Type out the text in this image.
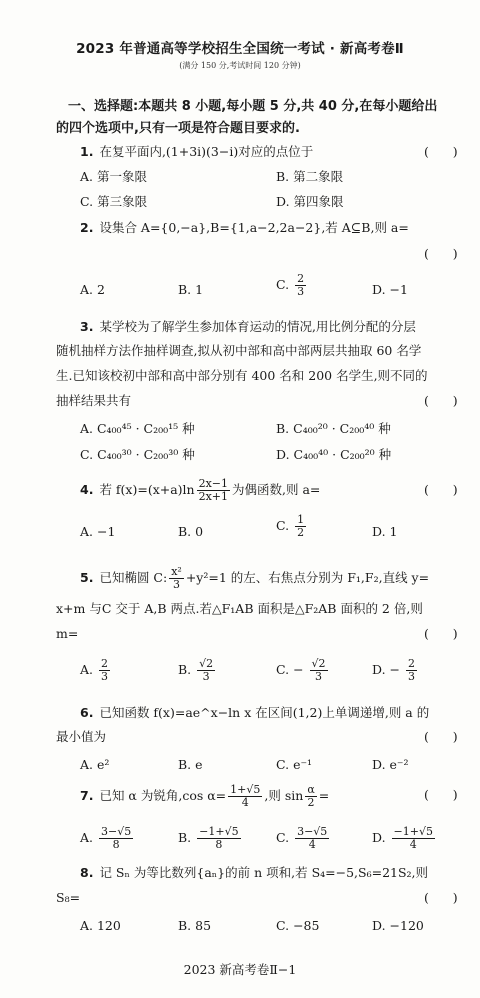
2023 年普通高等学校招生全国统一考试 · 新高考卷Ⅱ
(满分 150 分,考试时间 120 分钟)
一、选择题:本题共 8 小题,每小题 5 分,共 40 分,在每小题给出
的四个选项中,只有一项是符合题目要求的.
1. 在复平面内,(1+3i)(3−i)对应的点位于	(      )
A. 第一象限	B. 第二象限
C. 第三象限	D. 第四象限
2. 设集合 A={0,−a},B={1,a−2,2a−2},若 A⊆B,则 a=
(      )
A. 2	B. 1	C. $\frac{2}{3}$	D. −1
3. 某学校为了解学生参加体育运动的情况,用比例分配的分层
随机抽样方法作抽样调查,拟从初中部和高中部两层共抽取 60 名学
生.已知该校初中部和高中部分别有 400 名和 200 名学生,则不同的
抽样结果共有	(      )
A. C₄₀₀⁴⁵ · C₂₀₀¹⁵ 种	B. C₄₀₀²⁰ · C₂₀₀⁴⁰ 种
C. C₄₀₀³⁰ · C₂₀₀³⁰ 种	D. C₄₀₀⁴⁰ · C₂₀₀²⁰ 种
4. 若 $f(x)=(x+a)\ln \frac{2x-1}{2x+1}$ 为偶函数,则 a=	(      )
A. −1	B. 0	C. $\frac{1}{2}$	D. 1
5. 已知椭圆 C: $\frac{\text{x²}}{3} +y^2=1$ 的左、右焦点分别为 F₁,F₂,直线 y=
x+m 与C 交于 A,B 两点.若△F₁AB 面积是△F₂AB 面积的 2 倍,则
m=	(      )
A. $\frac{2}{3}$	B. $\frac{√2}{3}$	C. − $\frac{√2}{3}$	D. − $\frac{2}{3}$
6. 已知函数 f(x)=ae^x−ln x 在区间(1,2)上单调递增,则 a 的
最小值为	(      )
A. e²	B. e	C. e⁻¹	D. e⁻²
7. 已知 α 为锐角,cos $\alpha= \frac{1+√5}{4}$ ,则 $\sin \frac{\alpha}{2}$ =	(      )
A. $\frac{3-√5}{8}$	B. $\frac{-1+√5}{8}$	C. $\frac{3-√5}{4}$	D. $\frac{-1+√5}{4}$
8. 记 Sₙ 为等比数列{aₙ}的前 n 项和,若 S₄=−5,S₆=21S₂,则
S₈=	(      )
A. 120	B. 85	C. −85	D. −120
2023 新高考卷Ⅱ−1
